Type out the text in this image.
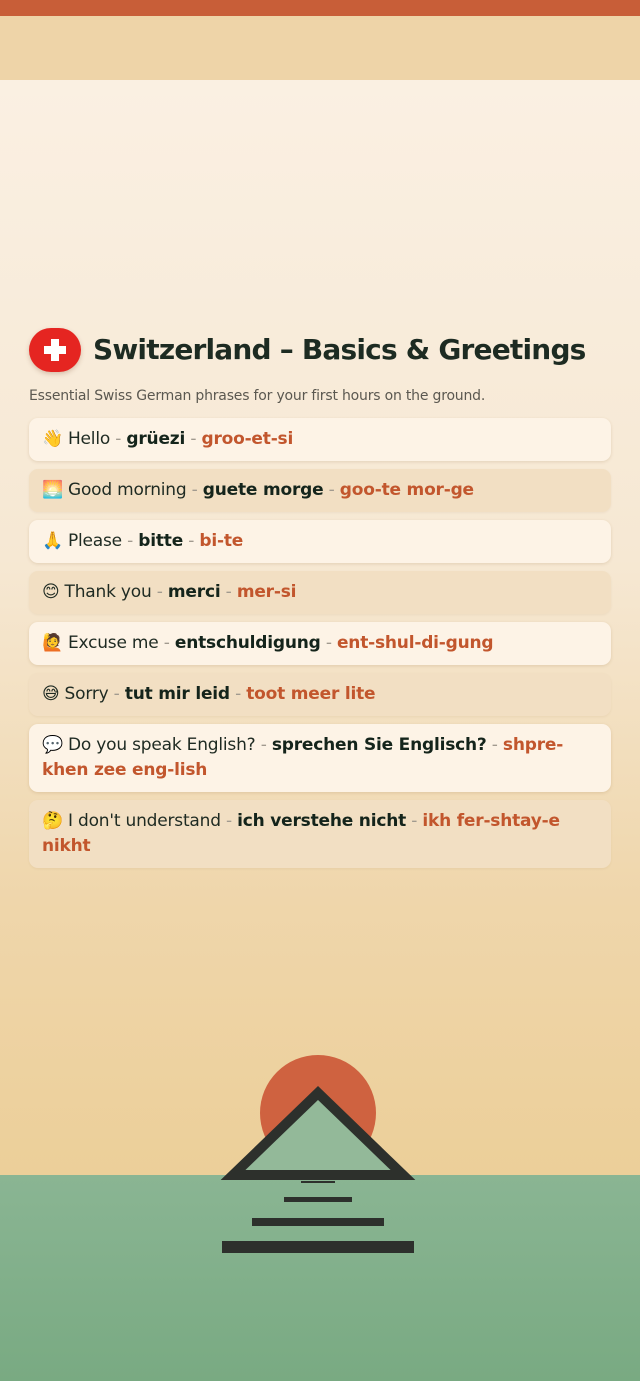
Switzerland – Basics & Greetings

Essential Swiss German phrases for your first hours on the ground.

👋 Hello - grüezi - groo-et-si
🌅 Good morning - guete morge - goo-te mor-ge
🙏 Please - bitte - bi-te
😊 Thank you - merci - mer-si
🙋 Excuse me - entschuldigung - ent-shul-di-gung
😅 Sorry - tut mir leid - toot meer lite
💬 Do you speak English? - sprechen Sie Englisch? - shpre-khen zee eng-lish
🤔 I don't understand - ich verstehe nicht - ikh fer-shtay-e nikht
